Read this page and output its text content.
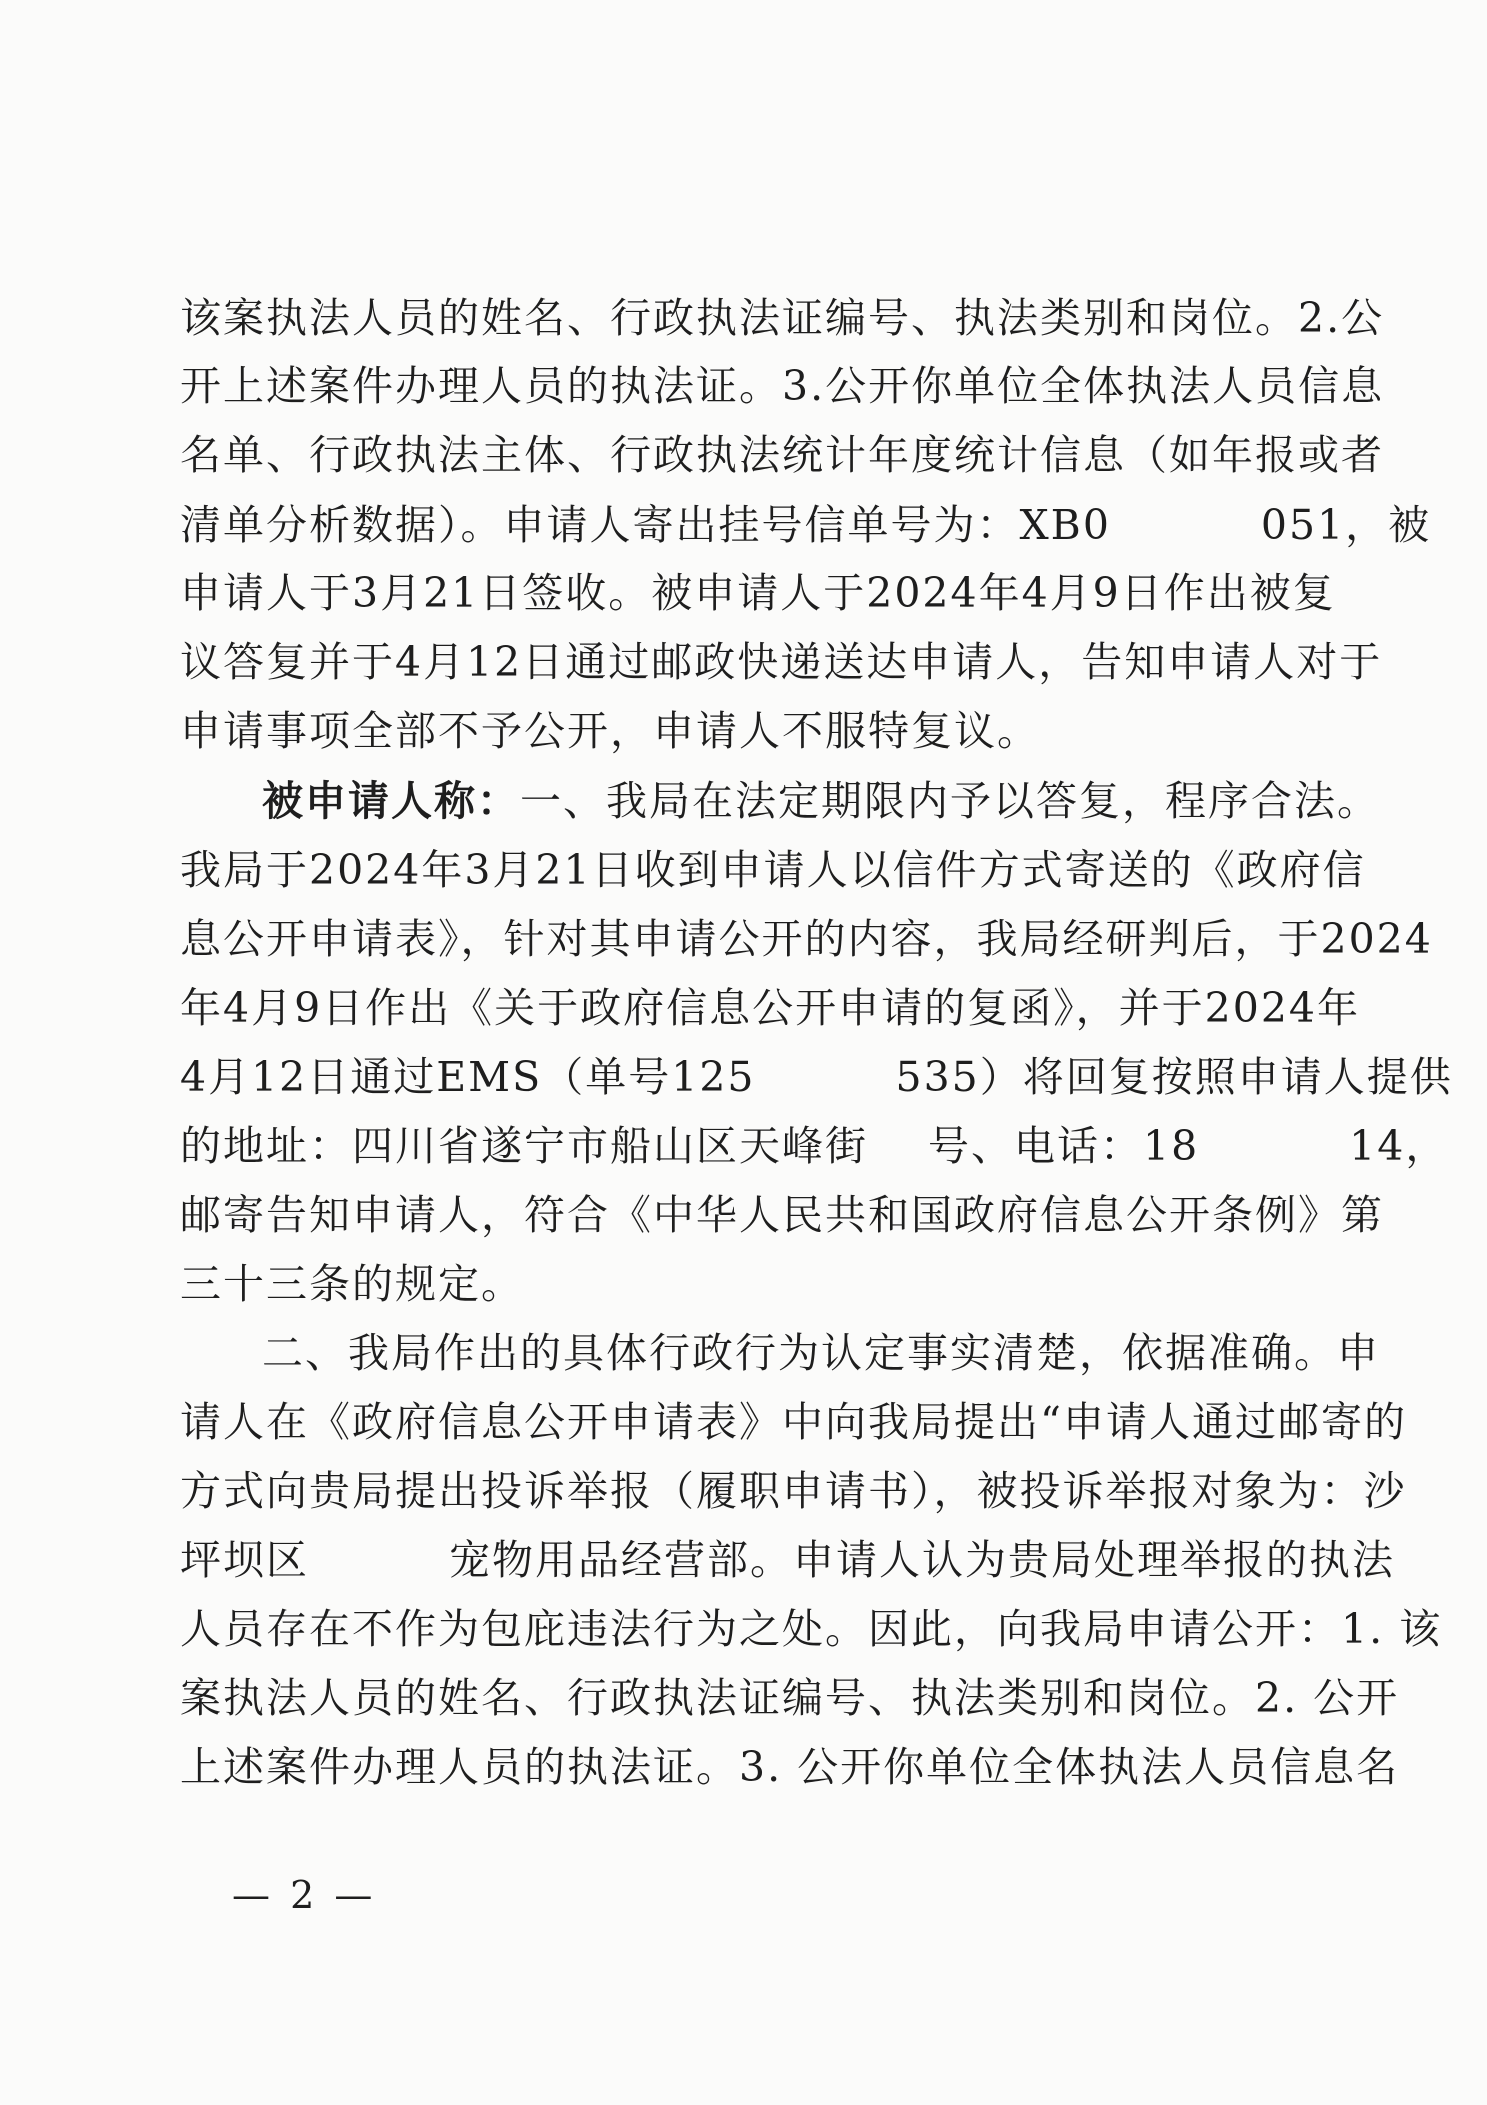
该案执法人员的姓名、行政执法证编号、执法类别和岗位。2.公
开上述案件办理人员的执法证。3.公开你单位全体执法人员信息
名单、行政执法主体、行政执法统计年度统计信息（如年报或者
清单分析数据）。申请人寄出挂号信单号为：XB0	051，被
申请人于3月21日签收。被申请人于2024年4月9日作出被复
议答复并于4月12日通过邮政快递送达申请人，告知申请人对于
申请事项全部不予公开，申请人不服特复议。
被申请人称：一、我局在法定期限内予以答复，程序合法。
我局于2024年3月21日收到申请人以信件方式寄送的《政府信
息公开申请表》，针对其申请公开的内容，我局经研判后，于2024
年4月9日作出《关于政府信息公开申请的复函》，并于2024年
4月12日通过EMS（单号125	535）将回复按照申请人提供
的地址：四川省遂宁市船山区天峰街 号、电话：18	14，
邮寄告知申请人，符合《中华人民共和国政府信息公开条例》第
三十三条的规定。
二、我局作出的具体行政行为认定事实清楚，依据准确。申
请人在《政府信息公开申请表》中向我局提出“申请人通过邮寄的
方式向贵局提出投诉举报（履职申请书），被投诉举报对象为：沙
坪坝区	宠物用品经营部。申请人认为贵局处理举报的执法
人员存在不作为包庇违法行为之处。因此，向我局申请公开：1. 该
案执法人员的姓名、行政执法证编号、执法类别和岗位。2. 公开
上述案件办理人员的执法证。3. 公开你单位全体执法人员信息名
— 2 —
